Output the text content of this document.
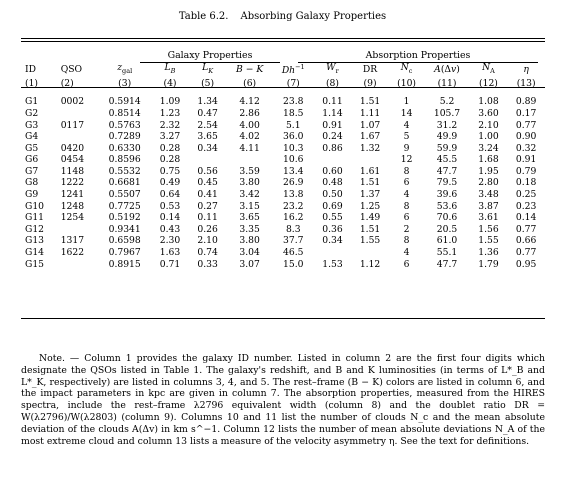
Table 6.2. Absorbing Galaxy Properties
Galaxy Properties	Absorption Properties
ID	QSO	$z_{gal}$	$L_B$	$L_K$	B − K	$Dh^{-1}$	$W_r$	DR	$N_c$	A(Δv)	$N_A$	η
(1)	(2)	(3)	(4)	(5)	(6)	(7)	(8)	(9)	(10)	(11)	(12)	(13)

G1	0002	0.5914	1.09	1.34	4.12	23.8	0.11	1.51	1	5.2	1.08	0.89
G2		0.8514	1.23	0.47	2.86	18.5	1.14	1.11	14	105.7	3.60	0.17
G3	0117	0.5763	2.32	2.54	4.00	5.1	0.91	1.07	4	31.2	2.10	0.77
G4		0.7289	3.27	3.65	4.02	36.0	0.24	1.67	5	49.9	1.00	0.90
G5	0420	0.6330	0.28	0.34	4.11	10.3	0.86	1.32	9	59.9	3.24	0.32
G6	0454	0.8596	0.28			10.6			12	45.5	1.68	0.91
G7	1148	0.5532	0.75	0.56	3.59	13.4	0.60	1.61	8	47.7	1.95	0.79
G8	1222	0.6681	0.49	0.45	3.80	26.9	0.48	1.51	6	79.5	2.80	0.18
G9	1241	0.5507	0.64	0.41	3.42	13.8	0.50	1.37	4	39.6	3.48	0.25
G10	1248	0.7725	0.53	0.27	3.15	23.2	0.69	1.25	8	53.6	3.87	0.23
G11	1254	0.5192	0.14	0.11	3.65	16.2	0.55	1.49	6	70.6	3.61	0.14
G12		0.9341	0.43	0.26	3.35	8.3	0.36	1.51	2	20.5	1.56	0.77
G13	1317	0.6598	2.30	2.10	3.80	37.7	0.34	1.55	8	61.0	1.55	0.66
G14	1622	0.7967	1.63	0.74	3.04	46.5			4	55.1	1.36	0.77
G15		0.8915	0.71	0.33	3.07	15.0	1.53	1.12	6	47.7	1.79	0.95
Note. — Column 1 provides the galaxy ID number. Listed in column 2 are the first four digits which designate the QSOs listed in Table 1. The galaxy's redshift, and B and K luminosities (in terms of L*_B and L*_K, respectively) are listed in columns 3, 4, and 5. The rest–frame (B − K) colors are listed in column 6, and the impact parameters in kpc are given in column 7. The absorption properties, measured from the HIRES spectra, include the rest–frame λ2796 equivalent width (column 8) and the doublet ratio DR = W(λ2796)/W(λ2803) (column 9). Columns 10 and 11 list the number of clouds N_c and the mean absolute deviation of the clouds A(Δv) in km s^−1. Column 12 lists the number of mean absolute deviations N_A of the most extreme cloud and column 13 lists a measure of the velocity asymmetry η. See the text for definitions.
